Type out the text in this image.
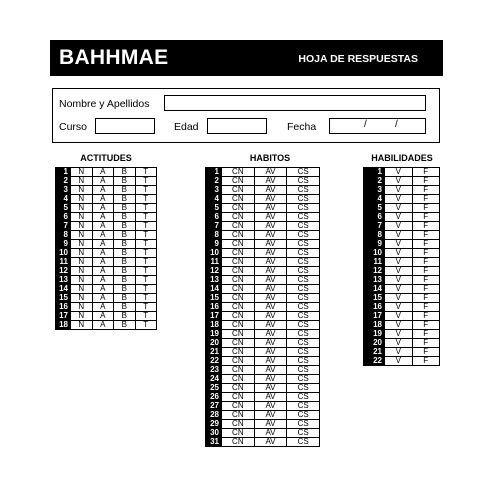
BAHHMAE	HOJA DE RESPUESTAS
Nombre y Apellidos
Curso	Edad	Fecha	/	/
ACTITUDES
1	N	A	B	T
2	N	A	B	T
3	N	A	B	T
4	N	A	B	T
5	N	A	B	T
6	N	A	B	T
7	N	A	B	T
8	N	A	B	T
9	N	A	B	T
10	N	A	B	T
11	N	A	B	T
12	N	A	B	T
13	N	A	B	T
14	N	A	B	T
15	N	A	B	T
16	N	A	B	T
17	N	A	B	T
18	N	A	B	T
HABITOS
1	CN	AV	CS
2	CN	AV	CS
3	CN	AV	CS
4	CN	AV	CS
5	CN	AV	CS
6	CN	AV	CS
7	CN	AV	CS
8	CN	AV	CS
9	CN	AV	CS
10	CN	AV	CS
11	CN	AV	CS
12	CN	AV	CS
13	CN	AV	CS
14	CN	AV	CS
15	CN	AV	CS
16	CN	AV	CS
17	CN	AV	CS
18	CN	AV	CS
19	CN	AV	CS
20	CN	AV	CS
21	CN	AV	CS
22	CN	AV	CS
23	CN	AV	CS
24	CN	AV	CS
25	CN	AV	CS
26	CN	AV	CS
27	CN	AV	CS
28	CN	AV	CS
29	CN	AV	CS
30	CN	AV	CS
31	CN	AV	CS
HABILIDADES
1	V	F
2	V	F
3	V	F
4	V	F
5	V	F
6	V	F
7	V	F
8	V	F
9	V	F
10	V	F
11	V	F
12	V	F
13	V	F
14	V	F
15	V	F
16	V	F
17	V	F
18	V	F
19	V	F
20	V	F
21	V	F
22	V	F
